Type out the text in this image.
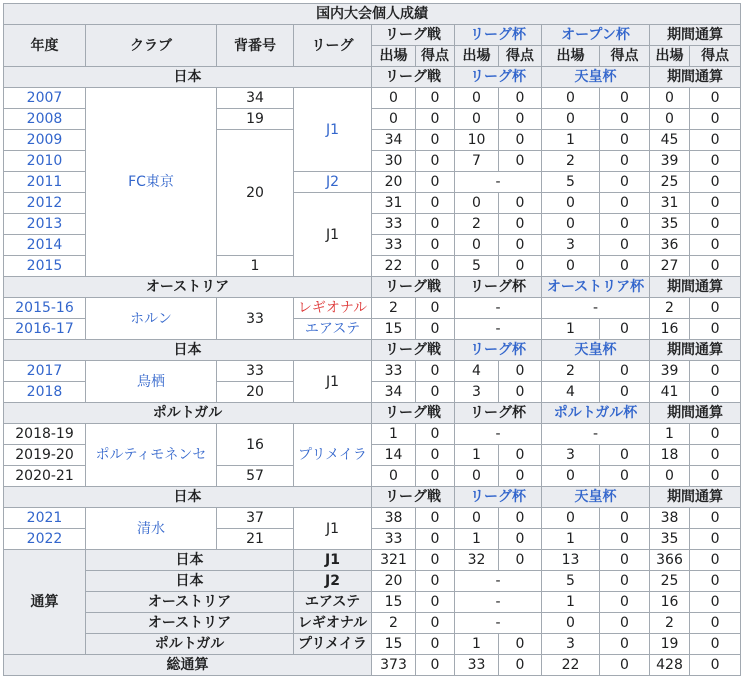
国内大会個人成績											
年度	クラブ	背番号	リーグ	リーグ戦		リーグ杯		オープン杯		期間通算	
				出場	得点	出場	得点	出場	得点	出場	得点
日本				リーグ戦		リーグ杯		天皇杯		期間通算	
2007	FC東京	34	J1	0	0	0	0	0	0	0	0
2008		19		0	0	0	0	0	0	0	0
2009		20		34	0	10	0	1	0	45	0
2010				30	0	7	0	2	0	39	0
2011			J2	20	0	-		5	0	25	0
2012			J1	31	0	0	0	0	0	31	0
2013				33	0	2	0	0	0	35	0
2014				33	0	0	0	3	0	36	0
2015		1		22	0	5	0	0	0	27	0
オーストリア				リーグ戦		リーグ杯		オーストリア杯		期間通算	
2015-16	ホルン	33	レギオナル	2	0	-		-		2	0
2016-17			エアステ	15	0	-		1	0	16	0
日本				リーグ戦		リーグ杯		天皇杯		期間通算	
2017	鳥栖	33	J1	33	0	4	0	2	0	39	0
2018		20		34	0	3	0	4	0	41	0
ポルトガル				リーグ戦		リーグ杯		ポルトガル杯		期間通算	
2018-19	ポルティモネンセ	16	プリメイラ	1	0	-		-		1	0
2019-20				14	0	1	0	3	0	18	0
2020-21		57		0	0	0	0	0	0	0	0
日本				リーグ戦		リーグ杯		天皇杯		期間通算	
2021	清水	37	J1	38	0	0	0	0	0	38	0
2022		21		33	0	1	0	1	0	35	0
通算	日本		J1	321	0	32	0	13	0	366	0
	日本		J2	20	0	-		5	0	25	0
	オーストリア		エアステ	15	0	-		1	0	16	0
	オーストリア		レギオナル	2	0	-		0	0	2	0
	ポルトガル		プリメイラ	15	0	1	0	3	0	19	0
総通算				373	0	33	0	22	0	428	0
